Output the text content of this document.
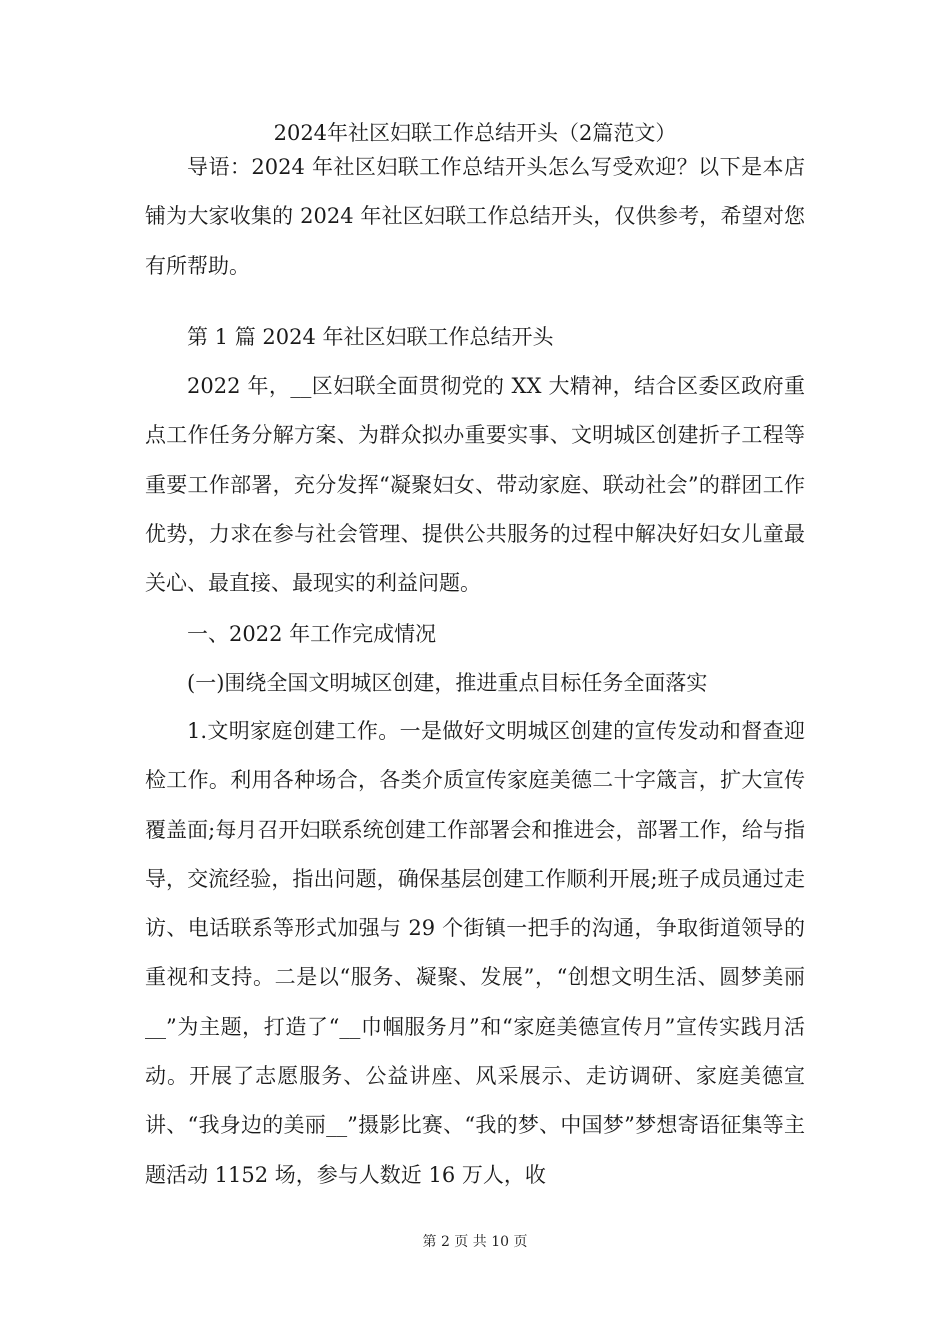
2024年社区妇联工作总结开头（2篇范文）

导语：2024 年社区妇联工作总结开头怎么写受欢迎？以下是本店铺为大家收集的 2024 年社区妇联工作总结开头，仅供参考，希望对您有所帮助。

第 1 篇 2024 年社区妇联工作总结开头

2022 年，__区妇联全面贯彻党的 XX 大精神，结合区委区政府重点工作任务分解方案、为群众拟办重要实事、文明城区创建折子工程等重要工作部署，充分发挥“凝聚妇女、带动家庭、联动社会”的群团工作优势，力求在参与社会管理、提供公共服务的过程中解决好妇女儿童最关心、最直接、最现实的利益问题。

一、2022 年工作完成情况
(一)围绕全国文明城区创建，推进重点目标任务全面落实

1.文明家庭创建工作。一是做好文明城区创建的宣传发动和督查迎检工作。利用各种场合，各类介质宣传家庭美德二十字箴言，扩大宣传覆盖面;每月召开妇联系统创建工作部署会和推进会，部署工作，给与指导，交流经验，指出问题，确保基层创建工作顺利开展;班子成员通过走访、电话联系等形式加强与 29 个街镇一把手的沟通，争取街道领导的重视和支持。二是以“服务、凝聚、发展”，“创想文明生活、圆梦美丽__”为主题，打造了“__巾帼服务月”和“家庭美德宣传月”宣传实践月活动。开展了志愿服务、公益讲座、风采展示、走访调研、家庭美德宣讲、“我身边的美丽__”摄影比赛、“我的梦、中国梦”梦想寄语征集等主题活动 1152 场，参与人数近 16 万人，收

第 2 页 共 10 页
